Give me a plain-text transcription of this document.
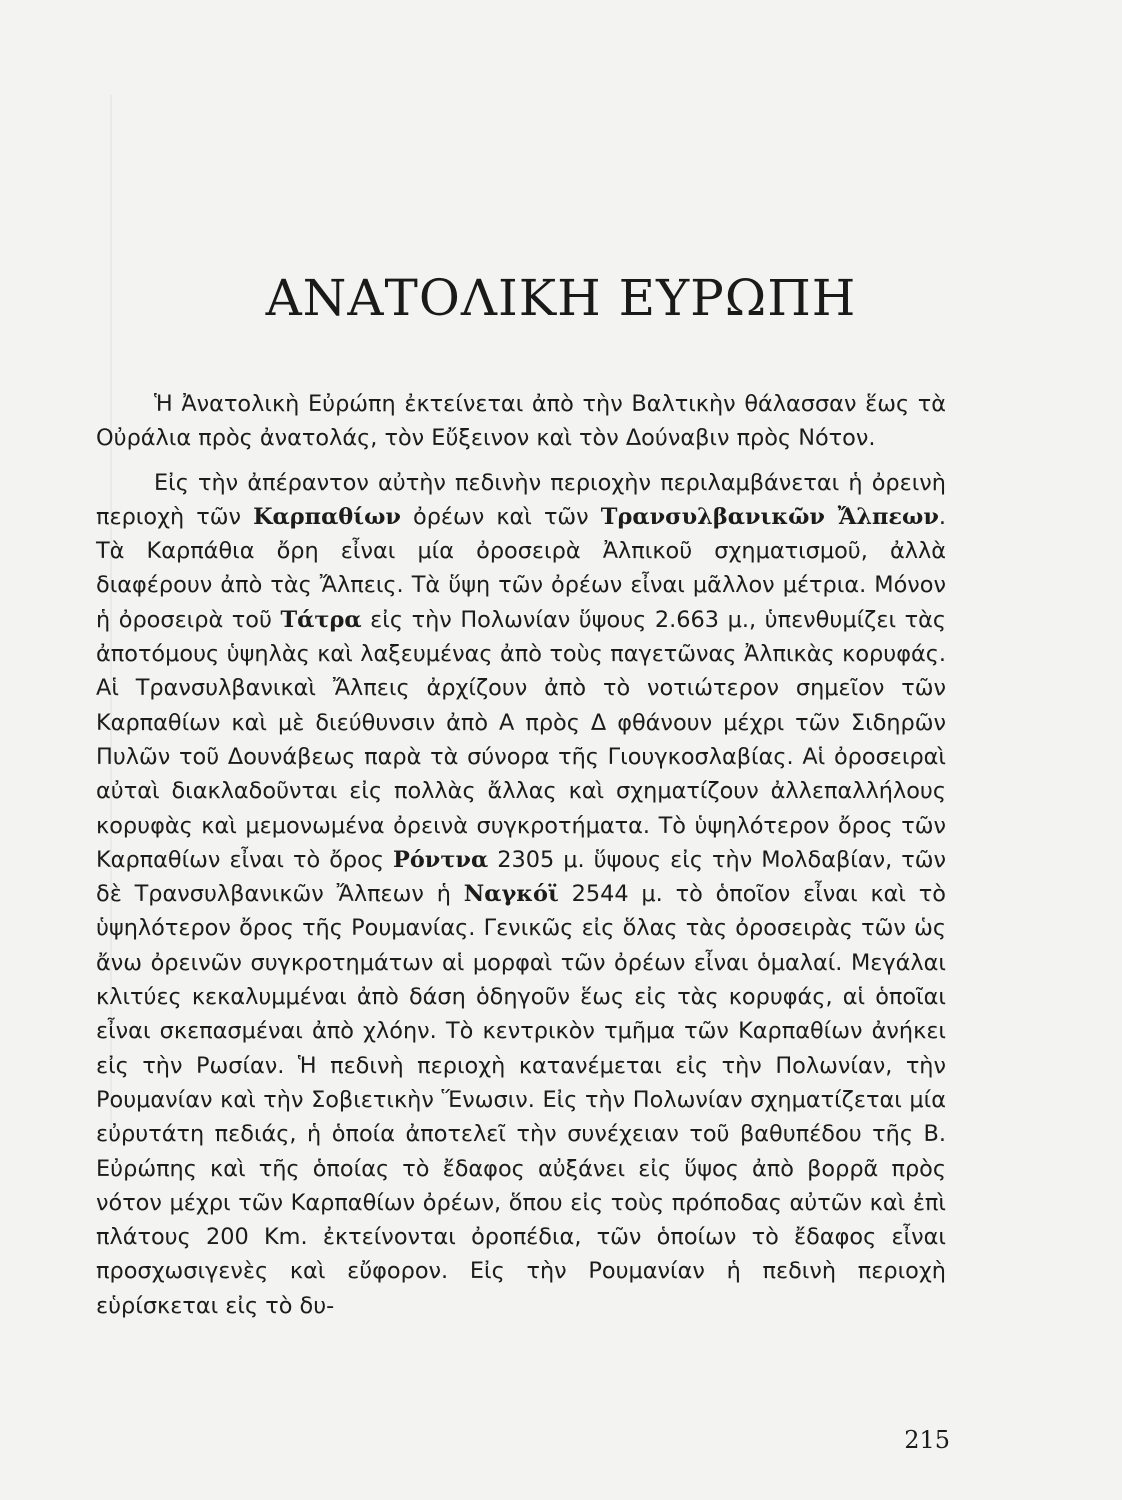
ΑΝΑΤΟΛΙΚΗ ΕΥΡΩΠΗ

Ἡ Ἀνατολικὴ Εὐρώπη ἐκτείνεται ἀπὸ τὴν Βαλτικὴν θάλασσαν ἕως τὰ Οὐράλια πρὸς ἀνατολάς, τὸν Εὔξεινον καὶ τὸν Δούναβιν πρὸς Νότον.

Εἰς τὴν ἀπέραντον αὐτὴν πεδινὴν περιοχὴν περιλαμβάνεται ἡ ὀρεινὴ περιοχὴ τῶν Καρπαθίων ὀρέων καὶ τῶν Τρανσυλβανικῶν Ἄλπεων. Τὰ Καρπάθια ὄρη εἶναι μία ὀροσειρὰ Ἀλπικοῦ σχηματισμοῦ, ἀλλὰ διαφέρουν ἀπὸ τὰς Ἄλπεις. Τὰ ὕψη τῶν ὀρέων εἶναι μᾶλλον μέτρια. Μόνον ἡ ὀροσειρὰ τοῦ Τάτρα εἰς τὴν Πολωνίαν ὕψους 2.663 μ., ὑπενθυμίζει τὰς ἀποτόμους ὑψηλὰς καὶ λαξευμένας ἀπὸ τοὺς παγετῶνας Ἀλπικὰς κορυφάς. Αἱ Τρανσυλβανικαὶ Ἄλπεις ἀρχίζουν ἀπὸ τὸ νοτιώτερον σημεῖον τῶν Καρπαθίων καὶ μὲ διεύθυνσιν ἀπὸ Α πρὸς Δ φθάνουν μέχρι τῶν Σιδηρῶν Πυλῶν τοῦ Δουνάβεως παρὰ τὰ σύνορα τῆς Γιουγκοσλαβίας. Αἱ ὀροσειραὶ αὐταὶ διακλαδοῦνται εἰς πολλὰς ἄλλας καὶ σχηματίζουν ἀλλεπαλλήλους κορυφὰς καὶ μεμονωμένα ὀρεινὰ συγκροτήματα. Τὸ ὑψηλότερον ὄρος τῶν Καρπαθίων εἶναι τὸ ὄρος Ρόντνα 2305 μ. ὕψους εἰς τὴν Μολδαβίαν, τῶν δὲ Τρανσυλβανικῶν Ἄλπεων ἡ Ναγκόϊ 2544 μ. τὸ ὁποῖον εἶναι καὶ τὸ ὑψηλότερον ὄρος τῆς Ρουμανίας. Γενικῶς εἰς ὅλας τὰς ὀροσειρὰς τῶν ὡς ἄνω ὀρεινῶν συγκροτημάτων αἱ μορφαὶ τῶν ὀρέων εἶναι ὁμαλαί. Μεγάλαι κλιτύες κεκαλυμμέναι ἀπὸ δάση ὁδηγοῦν ἕως εἰς τὰς κορυφάς, αἱ ὁποῖαι εἶναι σκεπασμέναι ἀπὸ χλόην. Τὸ κεντρικὸν τμῆμα τῶν Καρπαθίων ἀνήκει εἰς τὴν Ρωσίαν. Ἡ πεδινὴ περιοχὴ κατανέμεται εἰς τὴν Πολωνίαν, τὴν Ρουμανίαν καὶ τὴν Σοβιετικὴν Ἕνωσιν. Εἰς τὴν Πολωνίαν σχηματίζεται μία εὐρυτάτη πεδιάς, ἡ ὁποία ἀποτελεῖ τὴν συνέχειαν τοῦ βαθυπέδου τῆς Β. Εὐρώπης καὶ τῆς ὁποίας τὸ ἔδαφος αὐξάνει εἰς ὕψος ἀπὸ βορρᾶ πρὸς νότον μέχρι τῶν Καρπαθίων ὀρέων, ὅπου εἰς τοὺς πρόποδας αὐτῶν καὶ ἐπὶ πλάτους 200 Km. ἐκτείνονται ὀροπέδια, τῶν ὁποίων τὸ ἔδαφος εἶναι προσχωσιγενὲς καὶ εὔφορον. Εἰς τὴν Ρουμανίαν ἡ πεδινὴ περιοχὴ εὑρίσκεται εἰς τὸ δυ-

215
